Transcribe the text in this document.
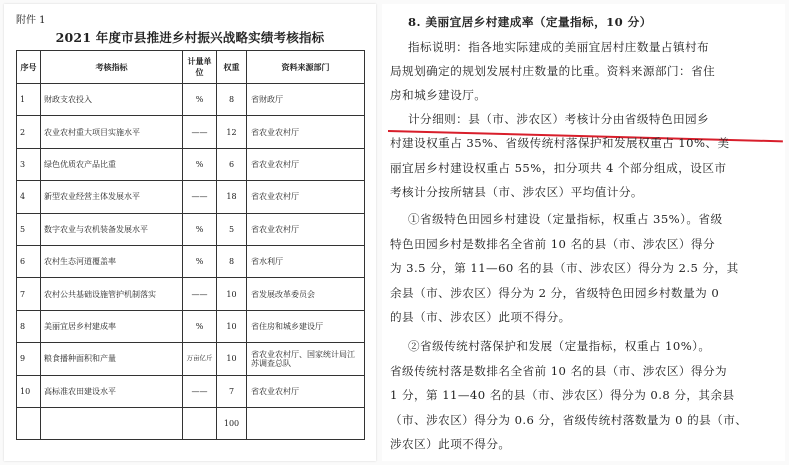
附件 1
2021 年度市县推进乡村振兴战略实绩考核指标
序号	考核指标	计量单位	权重	资料来源部门
1	财政支农投入	%	8	省财政厅
2	农业农村重大项目实施水平	——	12	省农业农村厅
3	绿色优质农产品比重	%	6	省农业农村厅
4	新型农业经营主体发展水平	——	18	省农业农村厅
5	数字农业与农机装备发展水平	%	5	省农业农村厅
6	农村生态河道覆盖率	%	8	省水利厅
7	农村公共基础设施管护机制落实	——	10	省发展改革委员会
8	美丽宜居乡村建成率	%	10	省住房和城乡建设厅
9	粮食播种面积和产量	万亩亿斤	10	省农业农村厅、国家统计局江苏调查总队
10	高标准农田建设水平	——	7	省农业农村厅
			100	
8. 美丽宜居乡村建成率（定量指标，10 分）
指标说明：指各地实际建成的美丽宜居村庄数量占镇村布
局规划确定的规划发展村庄数量的比重。资料来源部门：省住
房和城乡建设厅。
计分细则：县（市、涉农区）考核计分由省级特色田园乡
村建设权重占 35%、省级传统村落保护和发展权重占 10%、美
丽宜居乡村建设权重占 55%，扣分项共 4 个部分组成，设区市
考核计分按所辖县（市、涉农区）平均值计分。
①省级特色田园乡村建设（定量指标，权重占 35%）。省级
特色田园乡村是数排名全省前 10 名的县（市、涉农区）得分
为 3.5 分，第 11—60 名的县（市、涉农区）得分为 2.5 分，其
余县（市、涉农区）得分为 2 分，省级特色田园乡村数量为 0
的县（市、涉农区）此项不得分。
②省级传统村落保护和发展（定量指标，权重占 10%）。
省级传统村落是数排名全省前 10 名的县（市、涉农区）得分为
1 分，第 11—40 名的县（市、涉农区）得分为 0.8 分，其余县
（市、涉农区）得分为 0.6 分，省级传统村落数量为 0 的县（市、
涉农区）此项不得分。
